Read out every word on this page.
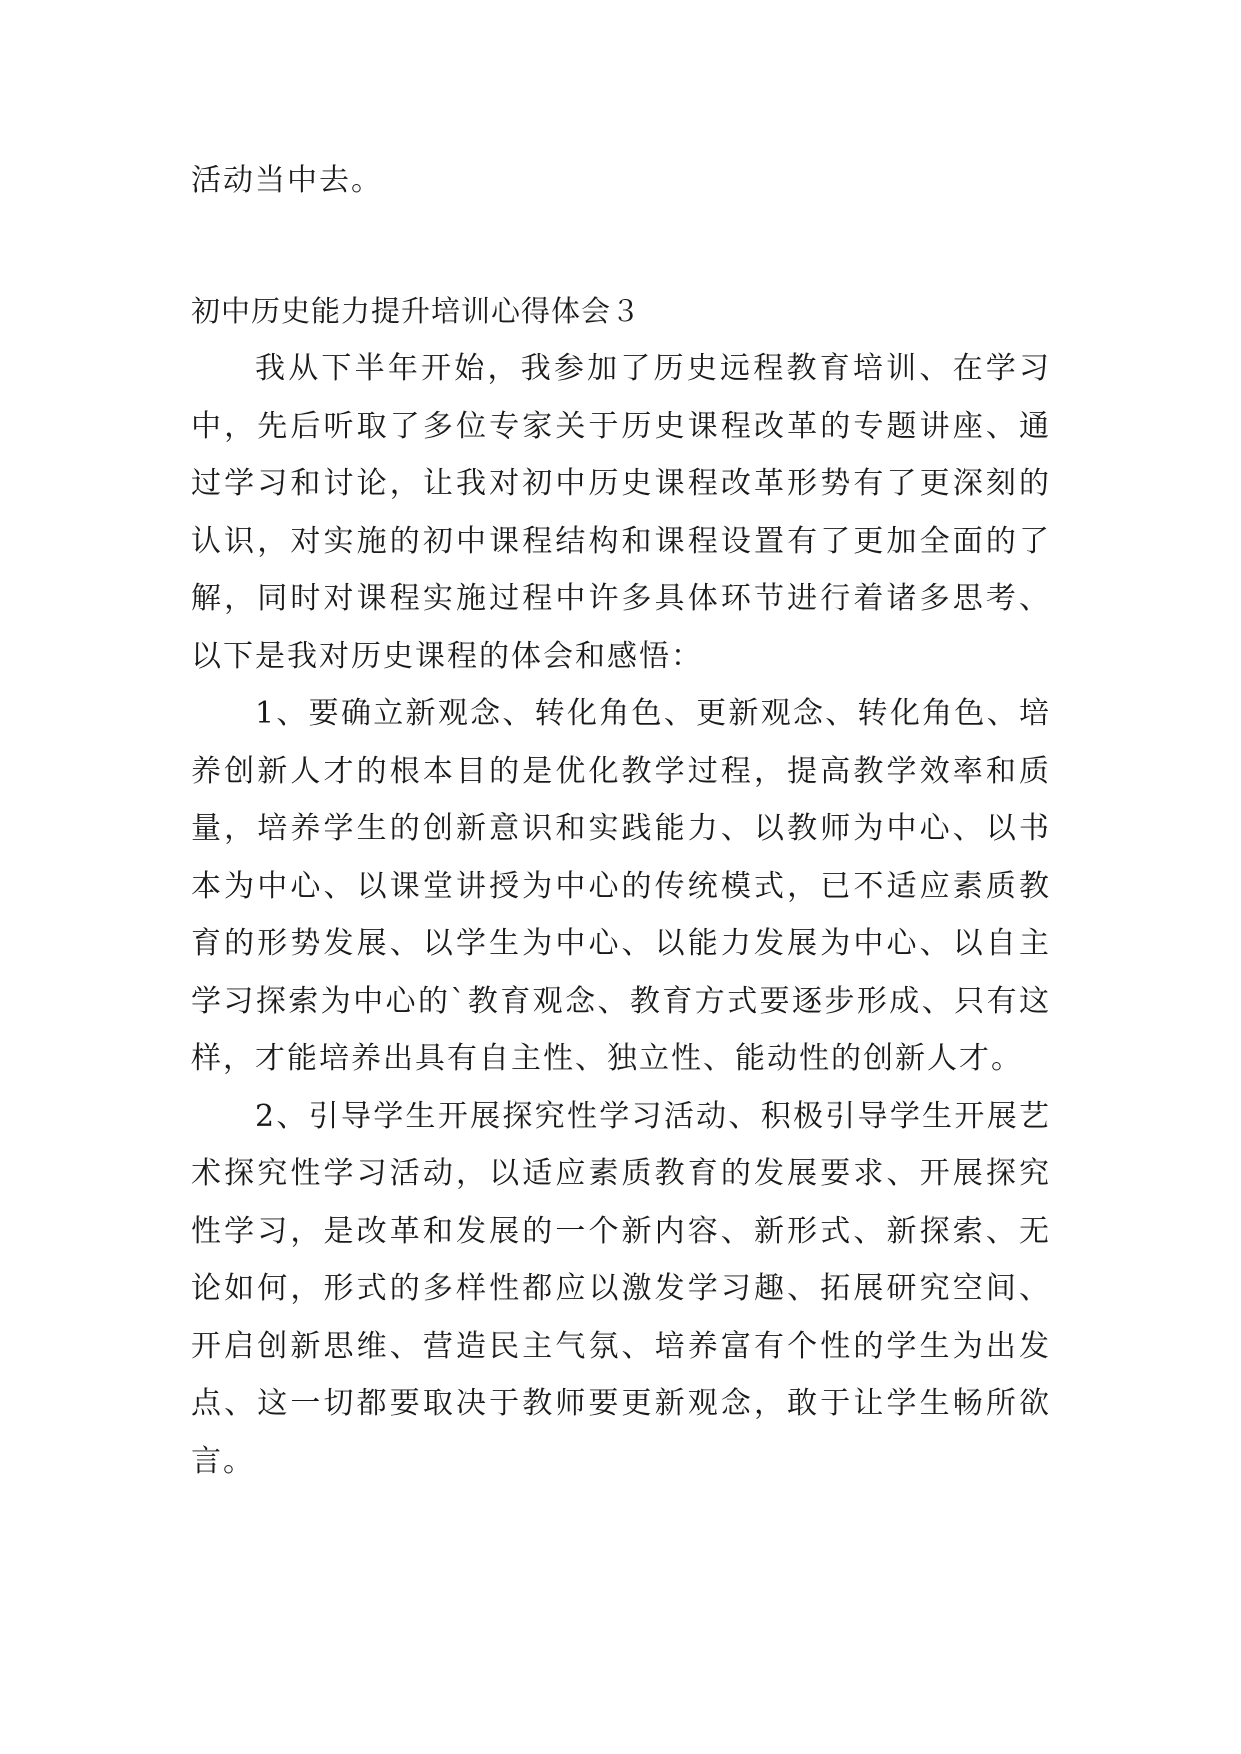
活动当中去。

初中历史能力提升培训心得体会３

我从下半年开始，我参加了历史远程教育培训、在学习中，先后听取了多位专家关于历史课程改革的专题讲座、通过学习和讨论，让我对初中历史课程改革形势有了更深刻的认识，对实施的初中课程结构和课程设置有了更加全面的了解，同时对课程实施过程中许多具体环节进行着诸多思考、以下是我对历史课程的体会和感悟：

1、要确立新观念、转化角色、更新观念、转化角色、培养创新人才的根本目的是优化教学过程，提高教学效率和质量，培养学生的创新意识和实践能力、以教师为中心、以书本为中心、以课堂讲授为中心的传统模式，已不适应素质教育的形势发展、以学生为中心、以能力发展为中心、以自主学习探索为中心的`教育观念、教育方式要逐步形成、只有这样，才能培养出具有自主性、独立性、能动性的创新人才。

2、引导学生开展探究性学习活动、积极引导学生开展艺术探究性学习活动，以适应素质教育的发展要求、开展探究性学习，是改革和发展的一个新内容、新形式、新探索、无论如何，形式的多样性都应以激发学习趣、拓展研究空间、开启创新思维、营造民主气氛、培养富有个性的学生为出发点、这一切都要取决于教师要更新观念，敢于让学生畅所欲言。
